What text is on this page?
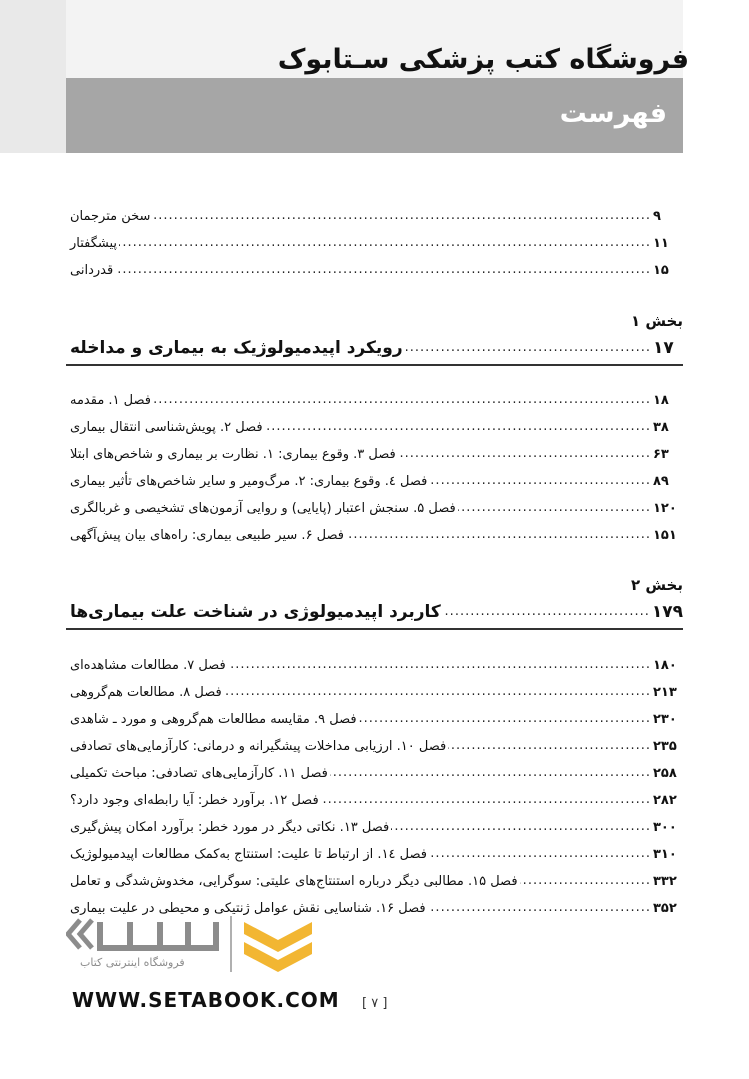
فروشگاه کتب پزشکی سـتابوک
فهرست
سخن مترجمان .....	۹
پیشگفتار .....	۱۱
قدردانی .....	۱۵
بخش ۱
رویکرد اپیدمیولوژیک به بیماری و مداخله .....	۱۷
فصل ۱. مقدمه .....	۱۸
فصل ۲. پویش‌شناسی انتقال بیماری .....	۳۸
فصل ۳. وقوع بیماری: ۱. نظارت بر بیماری و شاخص‌های ابتلا .....	۶۳
فصل ٤. وقوع بیماری: ۲. مرگ‌ومیر و سایر شاخص‌های تأثیر بیماری .....	۸۹
فصل ۵. سنجش اعتبار (پایایی) و روایی آزمون‌های تشخیصی و غربالگری .....	۱۲۰
فصل ۶. سیر طبیعی بیماری: راه‌های بیان پیش‌آگهی .....	۱۵۱
بخش ۲
کاربرد اپیدمیولوژی در شناخت علت بیماری‌ها .....	۱۷۹
فصل ۷. مطالعات مشاهده‌ای .....	۱۸۰
فصل ۸. مطالعات هم‌گروهی .....	۲۱۳
فصل ۹. مقایسه مطالعات هم‌گروهی و مورد ـ شاهدی .....	۲۳۰
فصل ۱۰. ارزیابی مداخلات پیشگیرانه و درمانی: کارآزمایی‌های تصادفی .....	۲۳۵
فصل ۱۱. کارآزمایی‌های تصادفی: مباحث تکمیلی .....	۲۵۸
فصل ۱۲. برآورد خطر: آیا رابطه‌ای وجود دارد؟ .....	۲۸۲
فصل ۱۳. نکاتی دیگر در مورد خطر: برآورد امکان پیش‌گیری .....	۳۰۰
فصل ۱٤. از ارتباط تا علیت: استنتاج به‌کمک مطالعات اپیدمیولوژیک .....	۳۱۰
فصل ۱۵. مطالبی دیگر درباره استنتاج‌های علیتی: سوگرایی، مخدوش‌شدگی و تعامل .....	۳۳۲
فصل ۱۶. شناسایی نقش عوامل ژنتیکی و محیطی در علیت بیماری .....	۳۵۲
فروشگاه اینترنتی کتاب
WWW.SETABOOK.COM [ ۷ ]
